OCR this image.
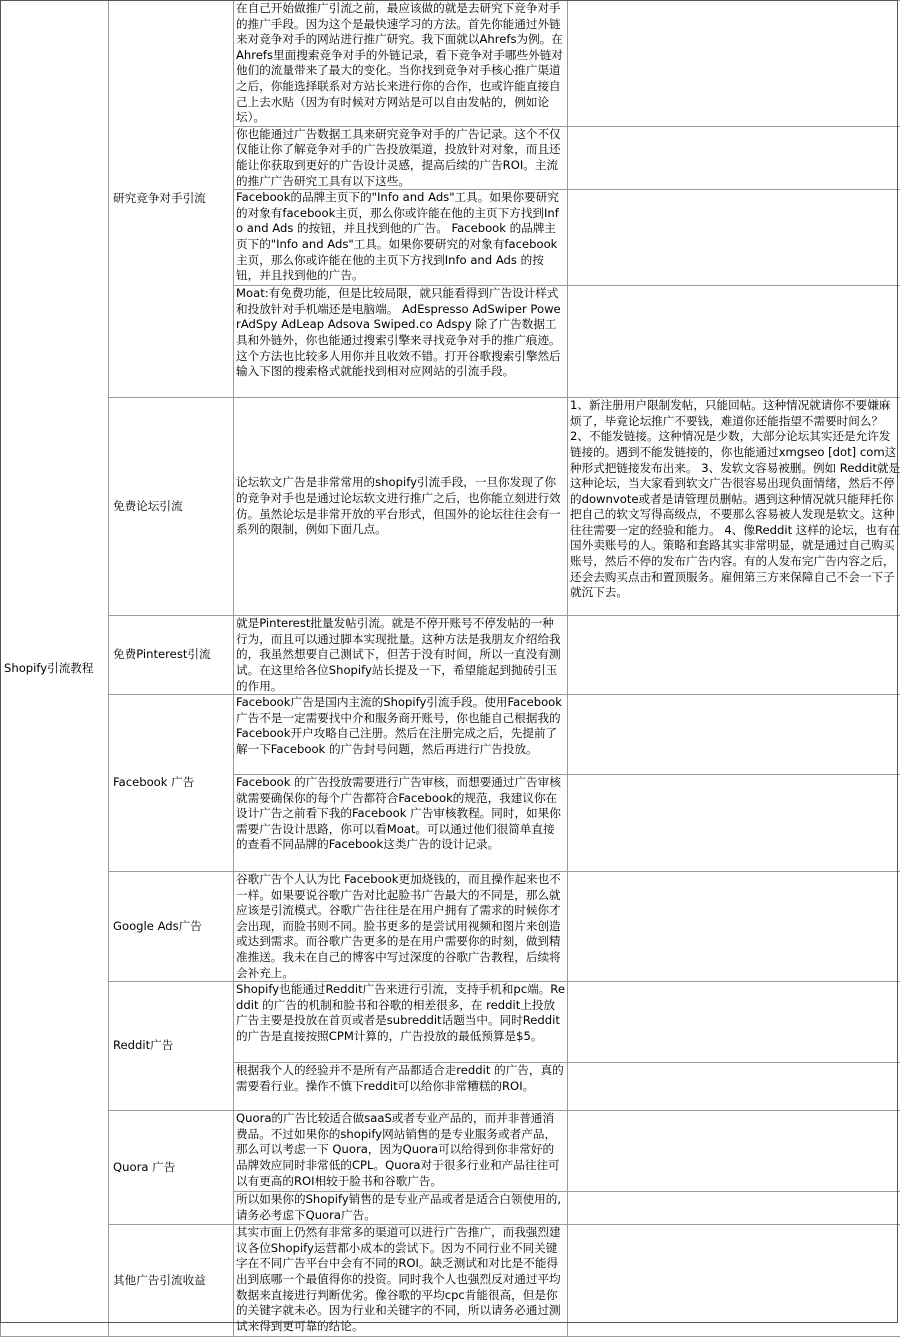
Shopify引流教程	研究竞争对手引流	在自己开始做推广引流之前，最应该做的就是去研究下竞争对手的推广手段。因为这个是最快速学习的方法。首先你能通过外链来对竞争对手的网站进行推广研究。我下面就以Ahrefs为例。在Ahrefs里面搜索竞争对手的外链记录，看下竞争对手哪些外链对他们的流量带来了最大的变化。当你找到竞争对手核心推广渠道之后，你能选择联系对方站长来进行你的合作，也或许能直接自己上去水贴（因为有时候对方网站是可以自由发帖的，例如论坛）。	
		你也能通过广告数据工具来研究竞争对手的广告记录。这个不仅仅能让你了解竞争对手的广告投放渠道，投放针对对象，而且还能让你获取到更好的广告设计灵感，提高后续的广告ROI。主流的推广广告研究工具有以下这些。	
		Facebook的品牌主页下的"Info and Ads"工具。如果你要研究的对象有facebook主页，那么你或许能在他的主页下方找到Info and Ads 的按钮，并且找到他的广告。 Facebook 的品牌主页下的"Info and Ads"工具。如果你要研究的对象有facebook主页，那么你或许能在他的主页下方找到Info and Ads 的按钮，并且找到他的广告。	
		Moat:有免费功能，但是比较局限，就只能看得到广告设计样式和投放针对手机端还是电脑端。 AdEspresso AdSwiper PowerAdSpy AdLeap Adsova Swiped.co Adspy 除了广告数据工具和外链外，你也能通过搜索引擎来寻找竞争对手的推广痕迹。这个方法也比较多人用你并且收效不错。打开谷歌搜索引擎然后输入下图的搜索格式就能找到相对应网站的引流手段。	
	免费论坛引流	论坛软文广告是非常常用的shopify引流手段，一旦你发现了你的竞争对手也是通过论坛软文进行推广之后，也你能立刻进行效仿。虽然论坛是非常开放的平台形式，但国外的论坛往往会有一系列的限制，例如下面几点。	1、新注册用户限制发帖，只能回帖。这种情况就请你不要嫌麻烦了，毕竟论坛推广不要钱，难道你还能指望不需要时间么？2、不能发链接。这种情况是少数，大部分论坛其实还是允许发链接的。遇到不能发链接的，你也能通过xmgseo [dot] com这种形式把链接发布出来。 3、发软文容易被删。例如 Reddit就是这种论坛，当大家看到软文广告很容易出现负面情绪，然后不停的downvote或者是请管理员删帖。遇到这种情况就只能拜托你把自己的软文写得高级点，不要那么容易被人发现是软文。这种往往需要一定的经验和能力。 4、像Reddit 这样的论坛，也有在国外卖账号的人。策略和套路其实非常明显，就是通过自己购买账号，然后不停的发布广告内容。有的人发布完广告内容之后，还会去购买点击和置顶服务。雇佣第三方来保障自己不会一下子就沉下去。
	免费Pinterest引流	就是Pinterest批量发帖引流。就是不停开账号不停发帖的一种行为，而且可以通过脚本实现批量。这种方法是我朋友介绍给我的，我虽然想要自己测试下，但苦于没有时间，所以一直没有测试。在这里给各位Shopify站长提及一下，希望能起到抛砖引玉的作用。	
	Facebook 广告	Facebook广告是国内主流的Shopify引流手段。使用Facebook广告不是一定需要找中介和服务商开账号，你也能自己根据我的 Facebook开户攻略自己注册。然后在注册完成之后，先提前了解一下Facebook 的广告封号问题，然后再进行广告投放。	
		Facebook 的广告投放需要进行广告审核，而想要通过广告审核就需要确保你的每个广告都符合Facebook的规范，我建议你在设计广告之前看下我的Facebook 广告审核教程。同时，如果你需要广告设计思路，你可以看Moat。可以通过他们很简单直接的查看不同品牌的Facebook这类广告的设计记录。	
	Google Ads广告	谷歌广告个人认为比 Facebook更加烧钱的，而且操作起来也不一样。如果要说谷歌广告对比起脸书广告最大的不同是，那么就应该是引流模式。谷歌广告往往是在用户拥有了需求的时候你才会出现，而脸书则不同。脸书更多的是尝试用视频和图片来创造或达到需求。而谷歌广告更多的是在用户需要你的时刻，做到精准推送。我未在自己的博客中写过深度的谷歌广告教程，后续将会补充上。	
	Reddit广告	Shopify也能通过Reddit广告来进行引流，支持手机和pc端。Reddit 的广告的机制和脸书和谷歌的相差很多，在 reddit上投放广告主要是投放在首页或者是subreddit话题当中。同时Reddit的广告是直接按照CPM计算的，广告投放的最低预算是$5。	
		根据我个人的经验并不是所有产品都适合走reddit 的广告，真的需要看行业。操作不慎下reddit可以给你非常糟糕的ROI。	
	Quora 广告	Quora的广告比较适合做saaS或者专业产品的，而并非普通消费品。不过如果你的shopify网站销售的是专业服务或者产品，那么可以考虑一下 Quora，因为Quora可以给得到你非常好的品牌效应同时非常低的CPL。Quora对于很多行业和产品往往可以有更高的ROI相较于脸书和谷歌广告。	
		所以如果你的Shopify销售的是专业产品或者是适合白领使用的,请务必考虑下Quora广告。	
	其他广告引流收益	其实市面上仍然有非常多的渠道可以进行广告推广，而我强烈建议各位Shopify运营都小成本的尝试下。因为不同行业不同关键字在不同广告平台中会有不同的ROI。缺乏测试和对比是不能得出到底哪一个最值得你的投资。同时我个人也强烈反对通过平均数据来直接进行判断优劣。像谷歌的平均cpc肯能很高，但是你的关键字就未必。因为行业和关键字的不同，所以请务必通过测试来得到更可靠的结论。	
